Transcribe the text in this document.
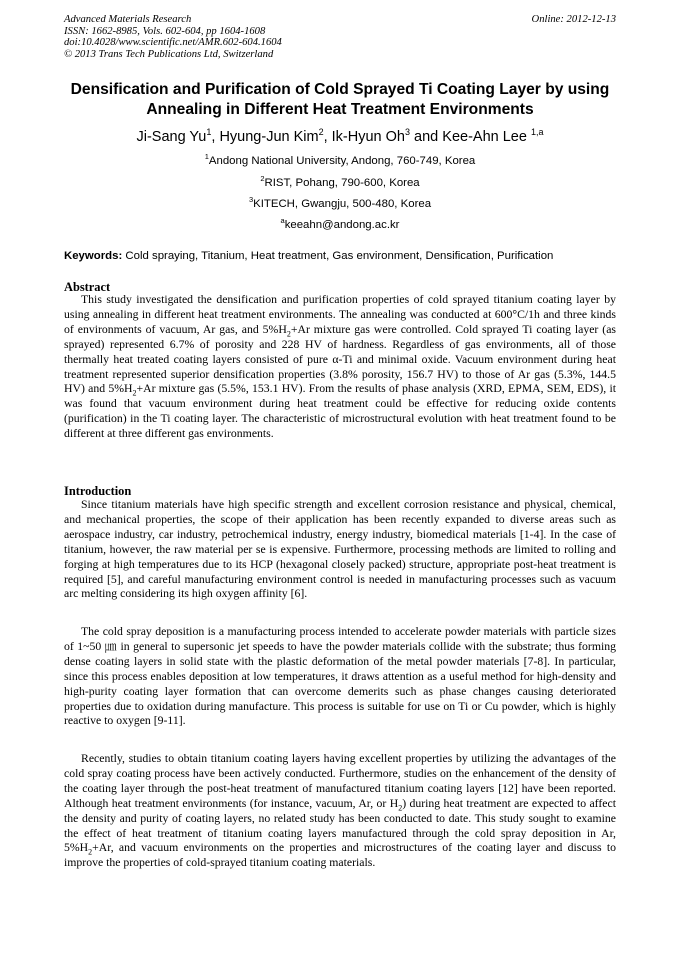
Advanced Materials Research
ISSN: 1662-8985, Vols. 602-604, pp 1604-1608
doi:10.4028/www.scientific.net/AMR.602-604.1604
© 2013 Trans Tech Publications Ltd, Switzerland
Online: 2012-12-13
Densification and Purification of Cold Sprayed Ti Coating Layer by using
Annealing in Different Heat Treatment Environments
Ji-Sang Yu$^1$, Hyung-Jun Kim$^2$, Ik-Hyun Oh$^3$ and Kee-Ahn Lee $^{1,a}$
$^1$Andong National University, Andong, 760-749, Korea
$^2$RIST, Pohang, 790-600, Korea
$^3$KITECH, Gwangju, 500-480, Korea
$^a$keeahn@andong.ac.kr
Keywords: Cold spraying, Titanium, Heat treatment, Gas environment, Densification, Purification
Abstract

This study investigated the densification and purification properties of cold sprayed titanium coating layer by using annealing in different heat treatment environments. The annealing was conducted at 600°C/1h and three kinds of environments of vacuum, Ar gas, and $5\%H_2+Ar$ mixture gas were controlled. Cold sprayed Ti coating layer (as sprayed) represented 6.7% of porosity and 228 HV of hardness. Regardless of gas environments, all of those thermally heat treated coating layers consisted of pure α-Ti and minimal oxide. Vacuum environment during heat treatment represented superior densification properties (3.8% porosity, 156.7 HV) to those of Ar gas (5.3%, 144.5 HV) and $5\%H_2+Ar$ mixture gas (5.5%, 153.1 HV). From the results of phase analysis (XRD, EPMA, SEM, EDS), it was found that vacuum environment during heat treatment could be effective for reducing oxide contents (purification) in the Ti coating layer. The characteristic of microstructural evolution with heat treatment found to be different at three different gas environments.

Introduction

Since titanium materials have high specific strength and excellent corrosion resistance and physical, chemical, and mechanical properties, the scope of their application has been recently expanded to diverse areas such as aerospace industry, car industry, petrochemical industry, energy industry, biomedical materials [1-4]. In the case of titanium, however, the raw material per se is expensive. Furthermore, processing methods are limited to rolling and forging at high temperatures due to its HCP (hexagonal closely packed) structure, appropriate post-heat treatment is required [5], and careful manufacturing environment control is needed in manufacturing processes such as vacuum arc melting considering its high oxygen affinity [6].

The cold spray deposition is a manufacturing process intended to accelerate powder materials with particle sizes of 1~50 ㎛ in general to supersonic jet speeds to have the powder materials collide with the substrate; thus forming dense coating layers in solid state with the plastic deformation of the metal powder materials [7-8]. In particular, since this process enables deposition at low temperatures, it draws attention as a useful method for high-density and high-purity coating layer formation that can overcome demerits such as phase changes causing deteriorated properties due to oxidation during manufacture. This process is suitable for use on Ti or Cu powder, which is highly reactive to oxygen [9-11].

Recently, studies to obtain titanium coating layers having excellent properties by utilizing the advantages of the cold spray coating process have been actively conducted. Furthermore, studies on the enhancement of the density of the coating layer through the post-heat treatment of manufactured titanium coating layers [12] have been reported. Although heat treatment environments (for instance, vacuum, Ar, or $H_2$) during heat treatment are expected to affect the density and purity of coating layers, no related study has been conducted to date. This study sought to examine the effect of heat treatment of titanium coating layers manufactured through the cold spray deposition in Ar, $5\%H_2+Ar$, and vacuum environments on the properties and microstructures of the coating layer and discuss to improve the properties of cold-sprayed titanium coating materials.
